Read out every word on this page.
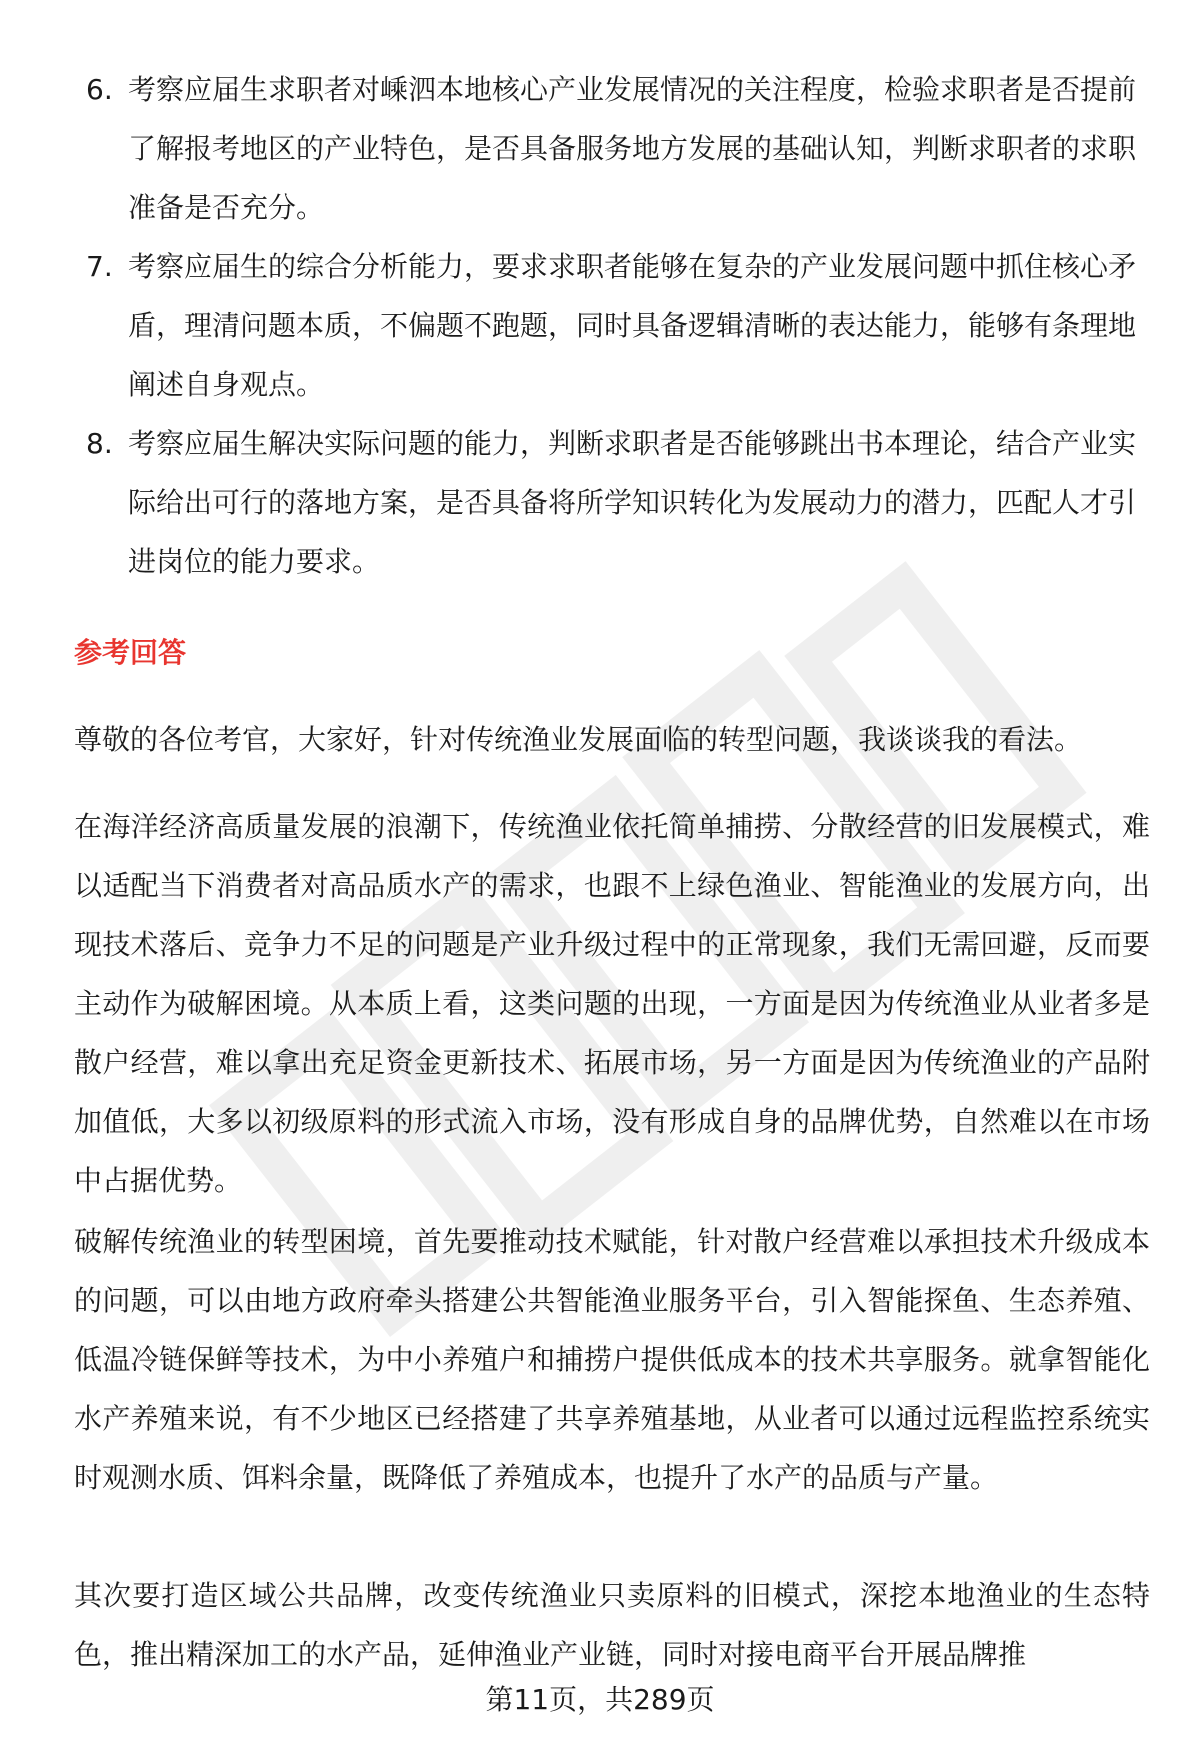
6. 考察应届生求职者对嵊泗本地核心产业发展情况的关注程度，检验求职者是否提前了解报考地区的产业特色，是否具备服务地方发展的基础认知，判断求职者的求职准备是否充分。
7. 考察应届生的综合分析能力，要求求职者能够在复杂的产业发展问题中抓住核心矛盾，理清问题本质，不偏题不跑题，同时具备逻辑清晰的表达能力，能够有条理地阐述自身观点。
8. 考察应届生解决实际问题的能力，判断求职者是否能够跳出书本理论，结合产业实际给出可行的落地方案，是否具备将所学知识转化为发展动力的潜力，匹配人才引进岗位的能力要求。
参考回答

尊敬的各位考官，大家好，针对传统渔业发展面临的转型问题，我谈谈我的看法。

在海洋经济高质量发展的浪潮下，传统渔业依托简单捕捞、分散经营的旧发展模式，难以适配当下消费者对高品质水产的需求，也跟不上绿色渔业、智能渔业的发展方向，出现技术落后、竞争力不足的问题是产业升级过程中的正常现象，我们无需回避，反而要主动作为破解困境。从本质上看，这类问题的出现，一方面是因为传统渔业从业者多是散户经营，难以拿出充足资金更新技术、拓展市场，另一方面是因为传统渔业的产品附加值低，大多以初级原料的形式流入市场，没有形成自身的品牌优势，自然难以在市场中占据优势。

破解传统渔业的转型困境，首先要推动技术赋能，针对散户经营难以承担技术升级成本的问题，可以由地方政府牵头搭建公共智能渔业服务平台，引入智能探鱼、生态养殖、低温冷链保鲜等技术，为中小养殖户和捕捞户提供低成本的技术共享服务。就拿智能化水产养殖来说，有不少地区已经搭建了共享养殖基地，从业者可以通过远程监控系统实时观测水质、饵料余量，既降低了养殖成本，也提升了水产的品质与产量。

其次要打造区域公共品牌，改变传统渔业只卖原料的旧模式，深挖本地渔业的生态特色，推出精深加工的水产品，延伸渔业产业链，同时对接电商平台开展品牌推

第11页，共289页
